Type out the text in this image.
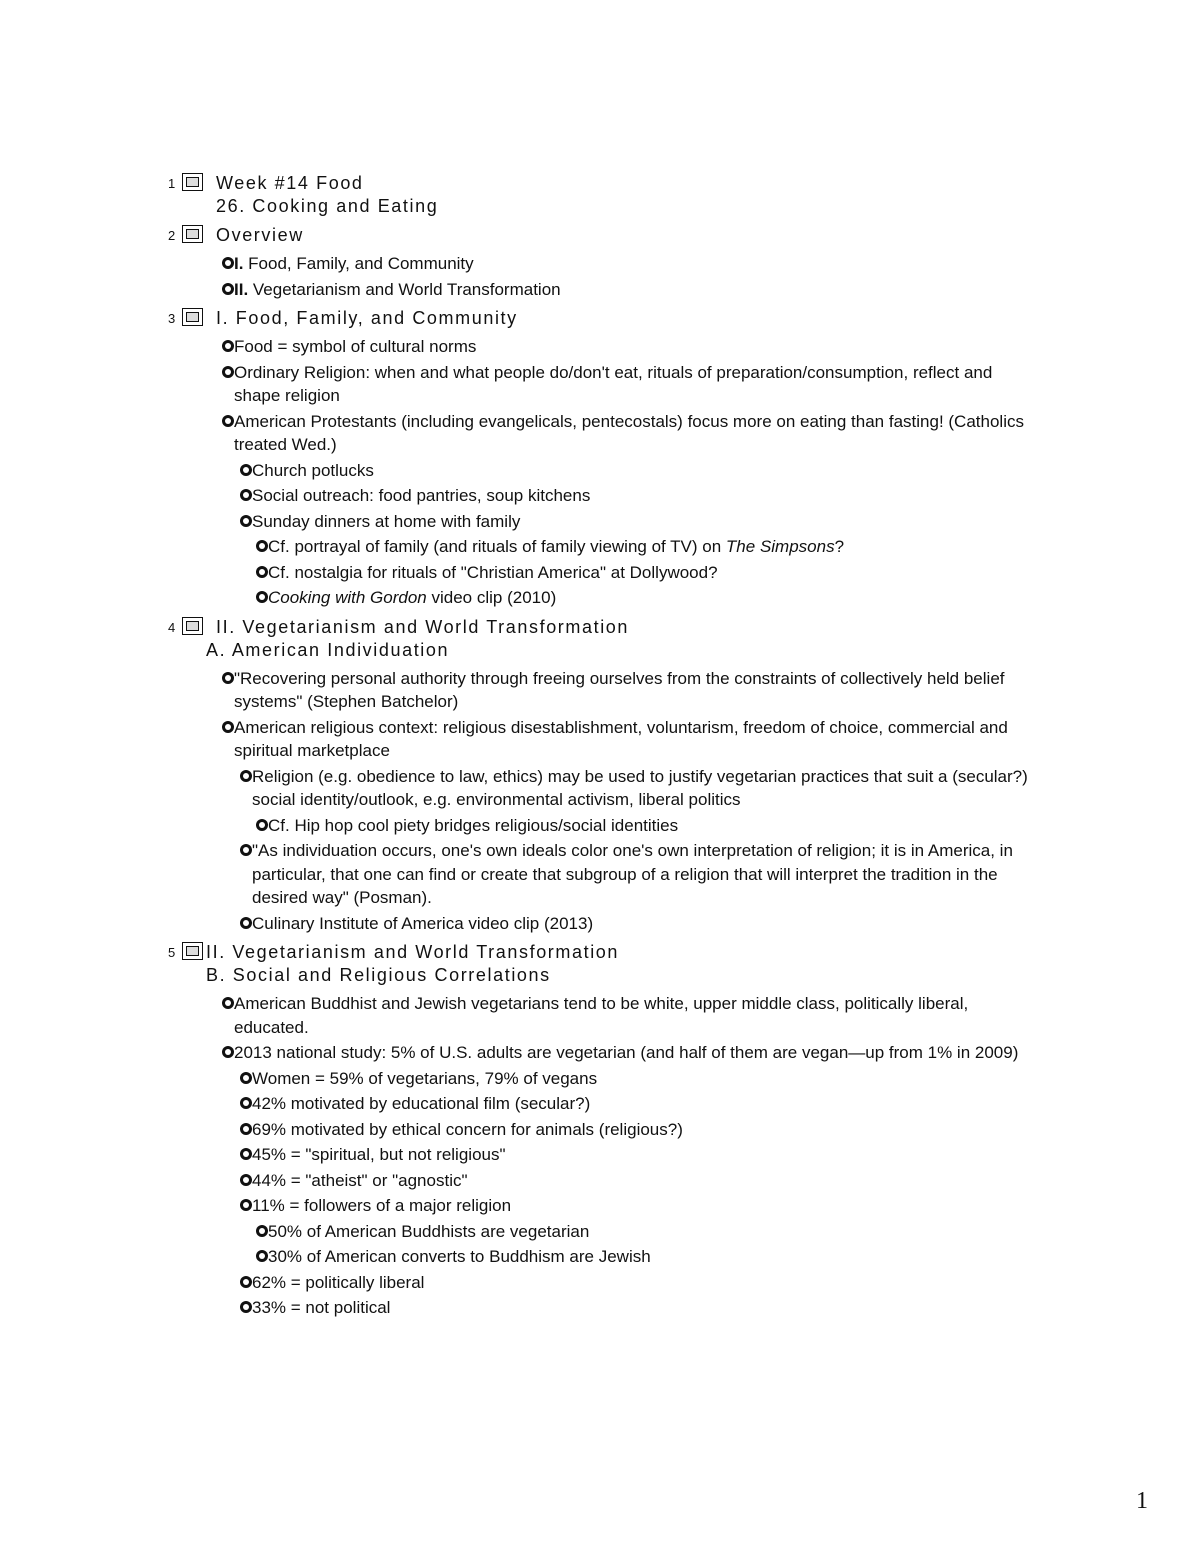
1 Week #14 Food
26. Cooking and Eating
2 Overview
I. Food, Family, and Community
II. Vegetarianism and World Transformation
3 I. Food, Family, and Community
Food = symbol of cultural norms
Ordinary Religion: when and what people do/don't eat, rituals of preparation/consumption, reflect and shape religion
American Protestants (including evangelicals, pentecostals) focus more on eating than fasting! (Catholics treated Wed.)
Church potlucks
Social outreach: food pantries, soup kitchens
Sunday dinners at home with family
Cf. portrayal of family (and rituals of family viewing of TV) on The Simpsons?
Cf. nostalgia for rituals of "Christian America" at Dollywood?
Cooking with Gordon video clip (2010)
4 II. Vegetarianism and World Transformation
A. American Individuation
"Recovering personal authority through freeing ourselves from the constraints of collectively held belief systems" (Stephen Batchelor)
American religious context: religious disestablishment, voluntarism, freedom of choice, commercial and spiritual marketplace
Religion (e.g. obedience to law, ethics) may be used to justify vegetarian practices that suit a (secular?) social identity/outlook, e.g. environmental activism, liberal politics
Cf. Hip hop cool piety bridges religious/social identities
"As individuation occurs, one's own ideals color one's own interpretation of religion; it is in America, in particular, that one can find or create that subgroup of a religion that will interpret the tradition in the desired way" (Posman).
Culinary Institute of America video clip (2013)
5 II. Vegetarianism and World Transformation
B. Social and Religious Correlations
American Buddhist and Jewish vegetarians tend to be white, upper middle class, politically liberal, educated.
2013 national study: 5% of U.S. adults are vegetarian (and half of them are vegan—up from 1% in 2009)
Women = 59% of vegetarians, 79% of vegans
42% motivated by educational film (secular?)
69% motivated by ethical concern for animals (religious?)
45% = "spiritual, but not religious"
44% = "atheist" or "agnostic"
11% = followers of a major religion
50% of American Buddhists are vegetarian
30% of American converts to Buddhism are Jewish
62% = politically liberal
33% = not political
1
